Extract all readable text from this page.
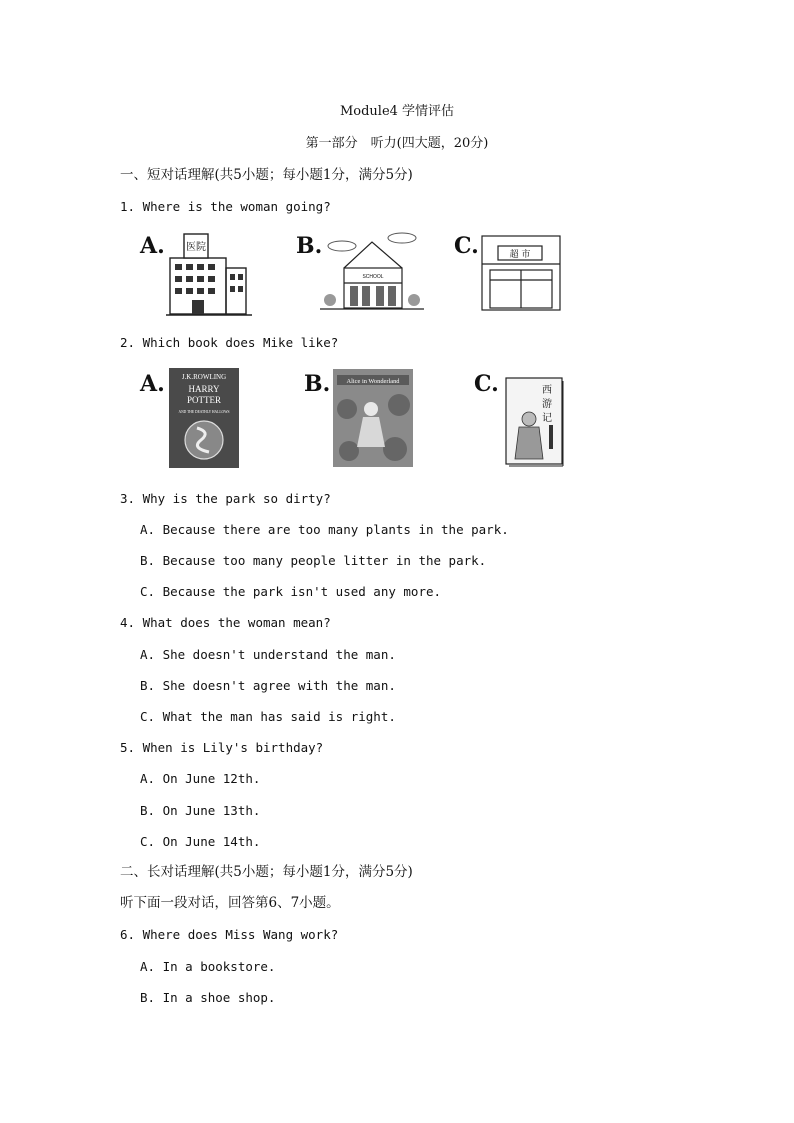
Module4 学情评估
第一部分　听力(四大题，20分)
一、短对话理解(共5小题；每小题1分，满分5分)
1. Where is the woman going?
A. 医院	B.
SCHOOL
C.	超 市
2. Which book does Mike like?
A. J.K.ROWLING
HARRY
POTTER
AND THE DEATHLY HALLOWS
B.	Alice in Wonderland	C.	西
游
记
3. Why is the park so dirty?
A. Because there are too many plants in the park.
B. Because too many people litter in the park.
C. Because the park isn't used any more.
4. What does the woman mean?
A. She doesn't understand the man.
B. She doesn't agree with the man.
C. What the man has said is right.
5. When is Lily's birthday?
A. On June 12th.
B. On June 13th.
C. On June 14th.
二、长对话理解(共5小题；每小题1分，满分5分)
听下面一段对话，回答第6、7小题。
6. Where does Miss Wang work?
A. In a bookstore.
B. In a shoe shop.
